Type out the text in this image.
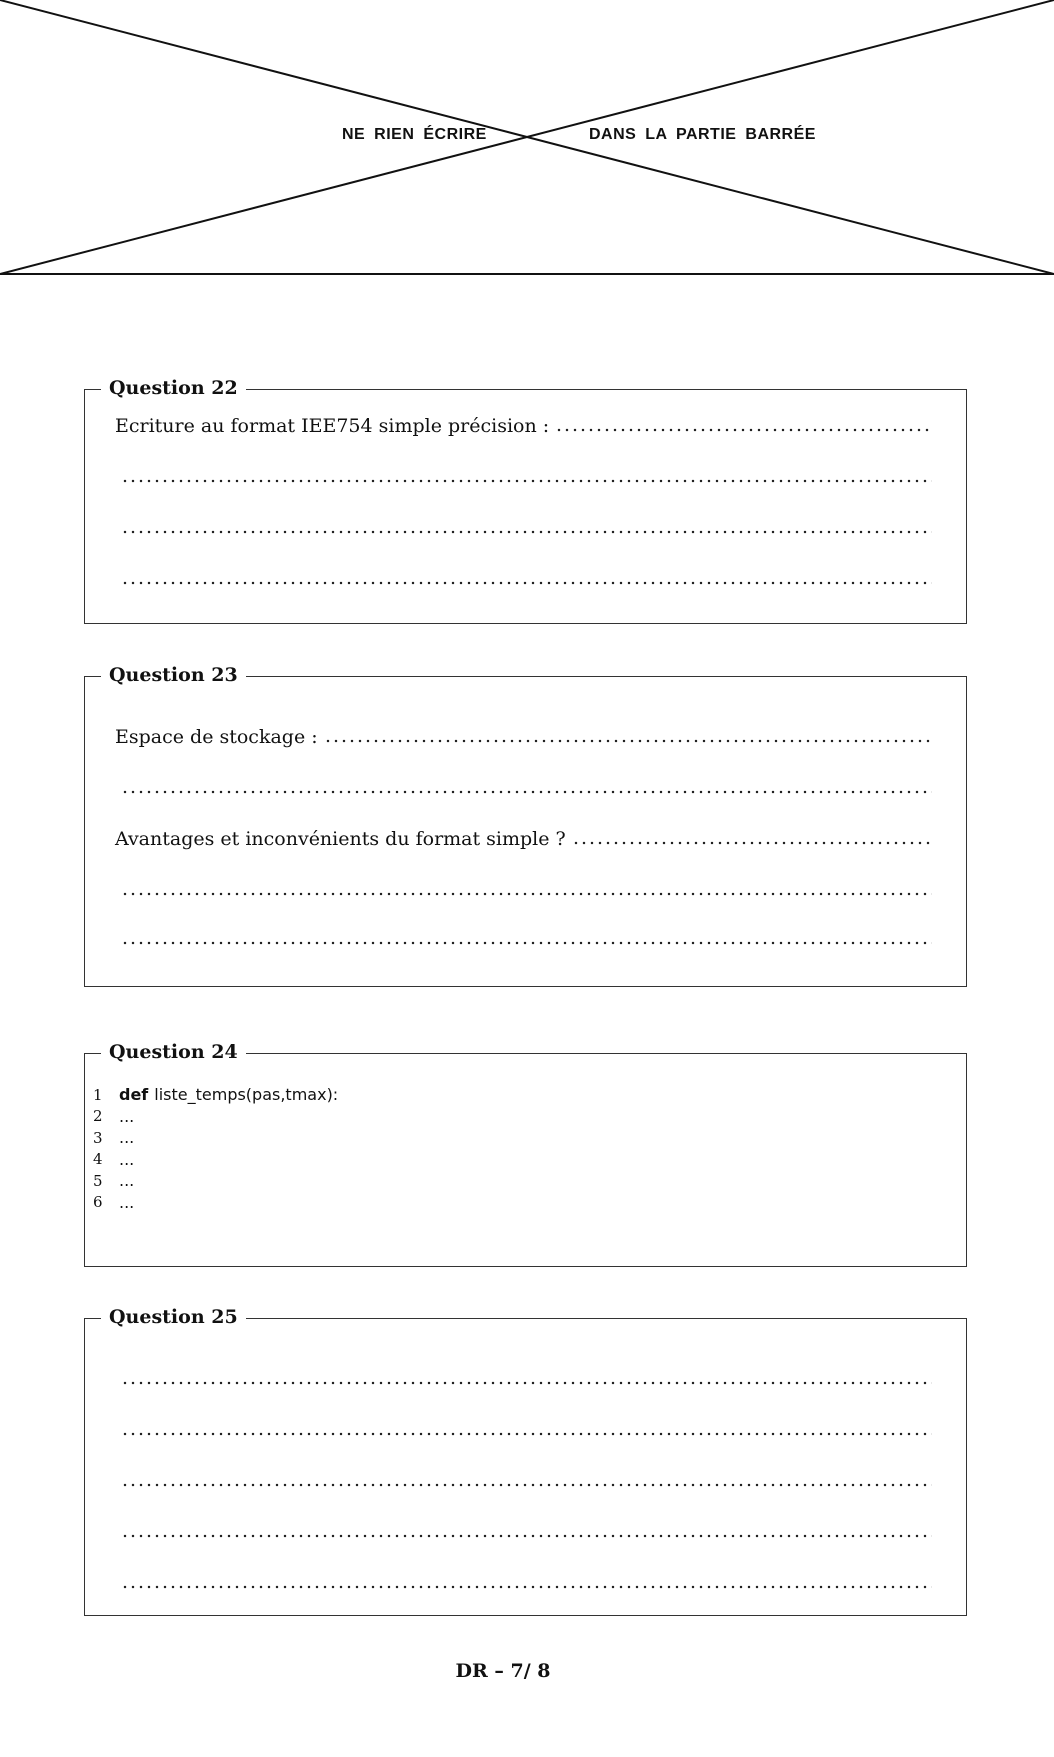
NE RIEN ÉCRIRE	DANS LA PARTIE BARRÉE
Question 22
Ecriture au format IEE754 simple précision :
Question 23
Espace de stockage :
Avantages et inconvénients du format simple ?
Question 24
1	def liste_temps(pas,tmax):
2	...
3	...
4	...
5	...
6	...
Question 25
DR – 7/ 8
